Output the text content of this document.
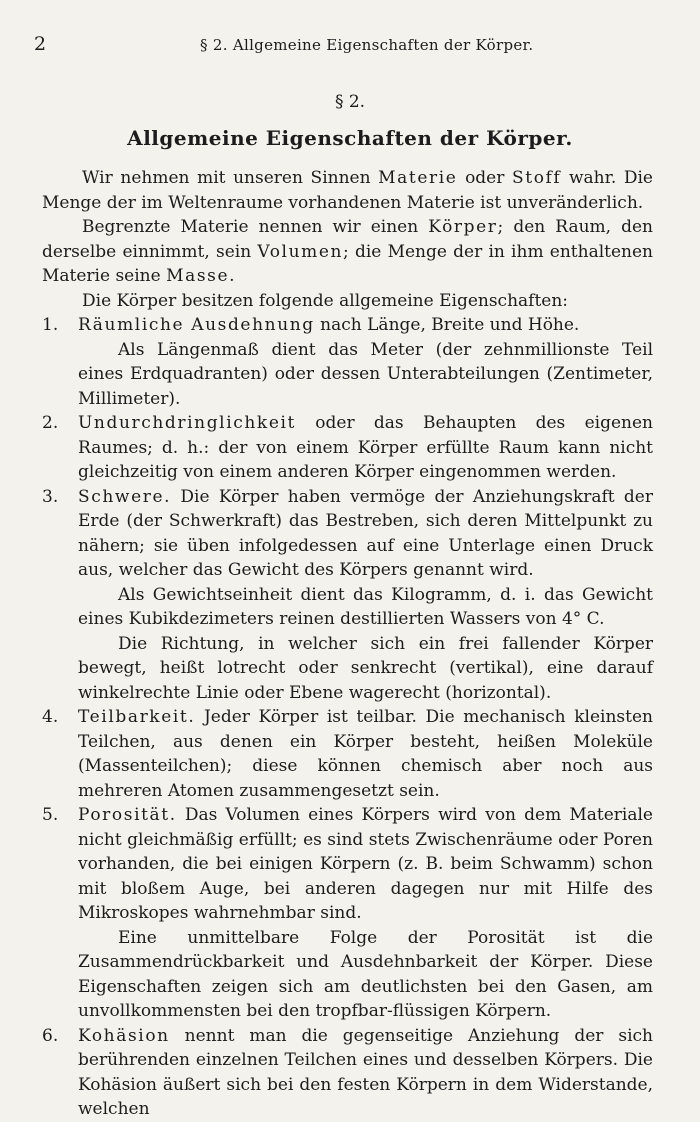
2	§ 2. Allgemeine Eigenschaften der Körper.
§ 2.
Allgemeine Eigenschaften der Körper.

Wir nehmen mit unseren Sinnen Materie oder Stoff wahr. Die Menge der im Weltenraume vorhandenen Materie ist unveränderlich.

Begrenzte Materie nennen wir einen Körper; den Raum, den derselbe einnimmt, sein Volumen; die Menge der in ihm enthaltenen Materie seine Masse.

Die Körper besitzen folgende allgemeine Eigenschaften:

1.	Räumliche Ausdehnung nach Länge, Breite und Höhe.

Als Längenmaß dient das Meter (der zehnmillionste Teil eines Erdquadranten) oder dessen Unterabteilungen (Zentimeter, Millimeter).

2.	Undurchdringlichkeit oder das Behaupten des eigenen Raumes; d. h.: der von einem Körper erfüllte Raum kann nicht gleichzeitig von einem anderen Körper eingenommen werden.

3.	Schwere. Die Körper haben vermöge der Anziehungskraft der Erde (der Schwerkraft) das Bestreben, sich deren Mittelpunkt zu nähern; sie üben infolgedessen auf eine Unterlage einen Druck aus, welcher das Gewicht des Körpers genannt wird.

Als Gewichtseinheit dient das Kilogramm, d. i. das Gewicht eines Kubikdezimeters reinen destillierten Wassers von 4° C.

Die Richtung, in welcher sich ein frei fallender Körper bewegt, heißt lotrecht oder senkrecht (vertikal), eine darauf winkelrechte Linie oder Ebene wagerecht (horizontal).

4.	Teilbarkeit. Jeder Körper ist teilbar. Die mechanisch kleinsten Teilchen, aus denen ein Körper besteht, heißen Moleküle (Massenteilchen); diese können chemisch aber noch aus mehreren Atomen zusammengesetzt sein.

5.	Porosität. Das Volumen eines Körpers wird von dem Materiale nicht gleichmäßig erfüllt; es sind stets Zwischenräume oder Poren vorhanden, die bei einigen Körpern (z. B. beim Schwamm) schon mit bloßem Auge, bei anderen dagegen nur mit Hilfe des Mikroskopes wahrnehmbar sind.

Eine unmittelbare Folge der Porosität ist die Zusammendrückbarkeit und Ausdehnbarkeit der Körper. Diese Eigenschaften zeigen sich am deutlichsten bei den Gasen, am unvollkommensten bei den tropfbar-flüssigen Körpern.

6.	Kohäsion nennt man die gegenseitige Anziehung der sich berührenden einzelnen Teilchen eines und desselben Körpers. Die Kohäsion äußert sich bei den festen Körpern in dem Widerstande, welchen
